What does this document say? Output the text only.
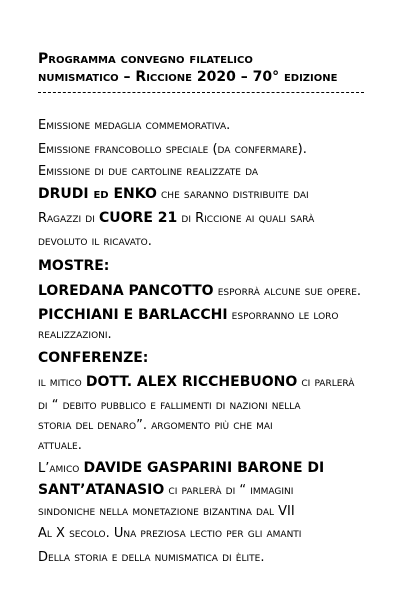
Programma convegno filatelico
numismatico – Riccione 2020 – 70° edizione
Emissione medaglia commemorativa.
Emissione francobollo speciale (da confermare).
Emissione di due cartoline realizzate da
DRUDI ed ENKO che saranno distribuite dai
Ragazzi di CUORE 21 di Riccione ai quali sarà
devoluto il ricavato.
MOSTRE:
LOREDANA PANCOTTO esporrà alcune sue opere.
PICCHIANI E BARLACCHI esporranno le loro
realizzazioni.
CONFERENZE:
il mitico DOTT. ALEX RICCHEBUONO ci parlerà
di “ debito pubblico e fallimenti di nazioni nella
storia del denaro”. argomento più che mai
attuale.
L’amico DAVIDE GASPARINI BARONE DI
SANT’ATANASIO ci parlerà di “ immagini
sindoniche nella monetazione bizantina dal VII
Al X secolo. Una preziosa lectio per gli amanti
Della storia e della numismatica di èlite.
